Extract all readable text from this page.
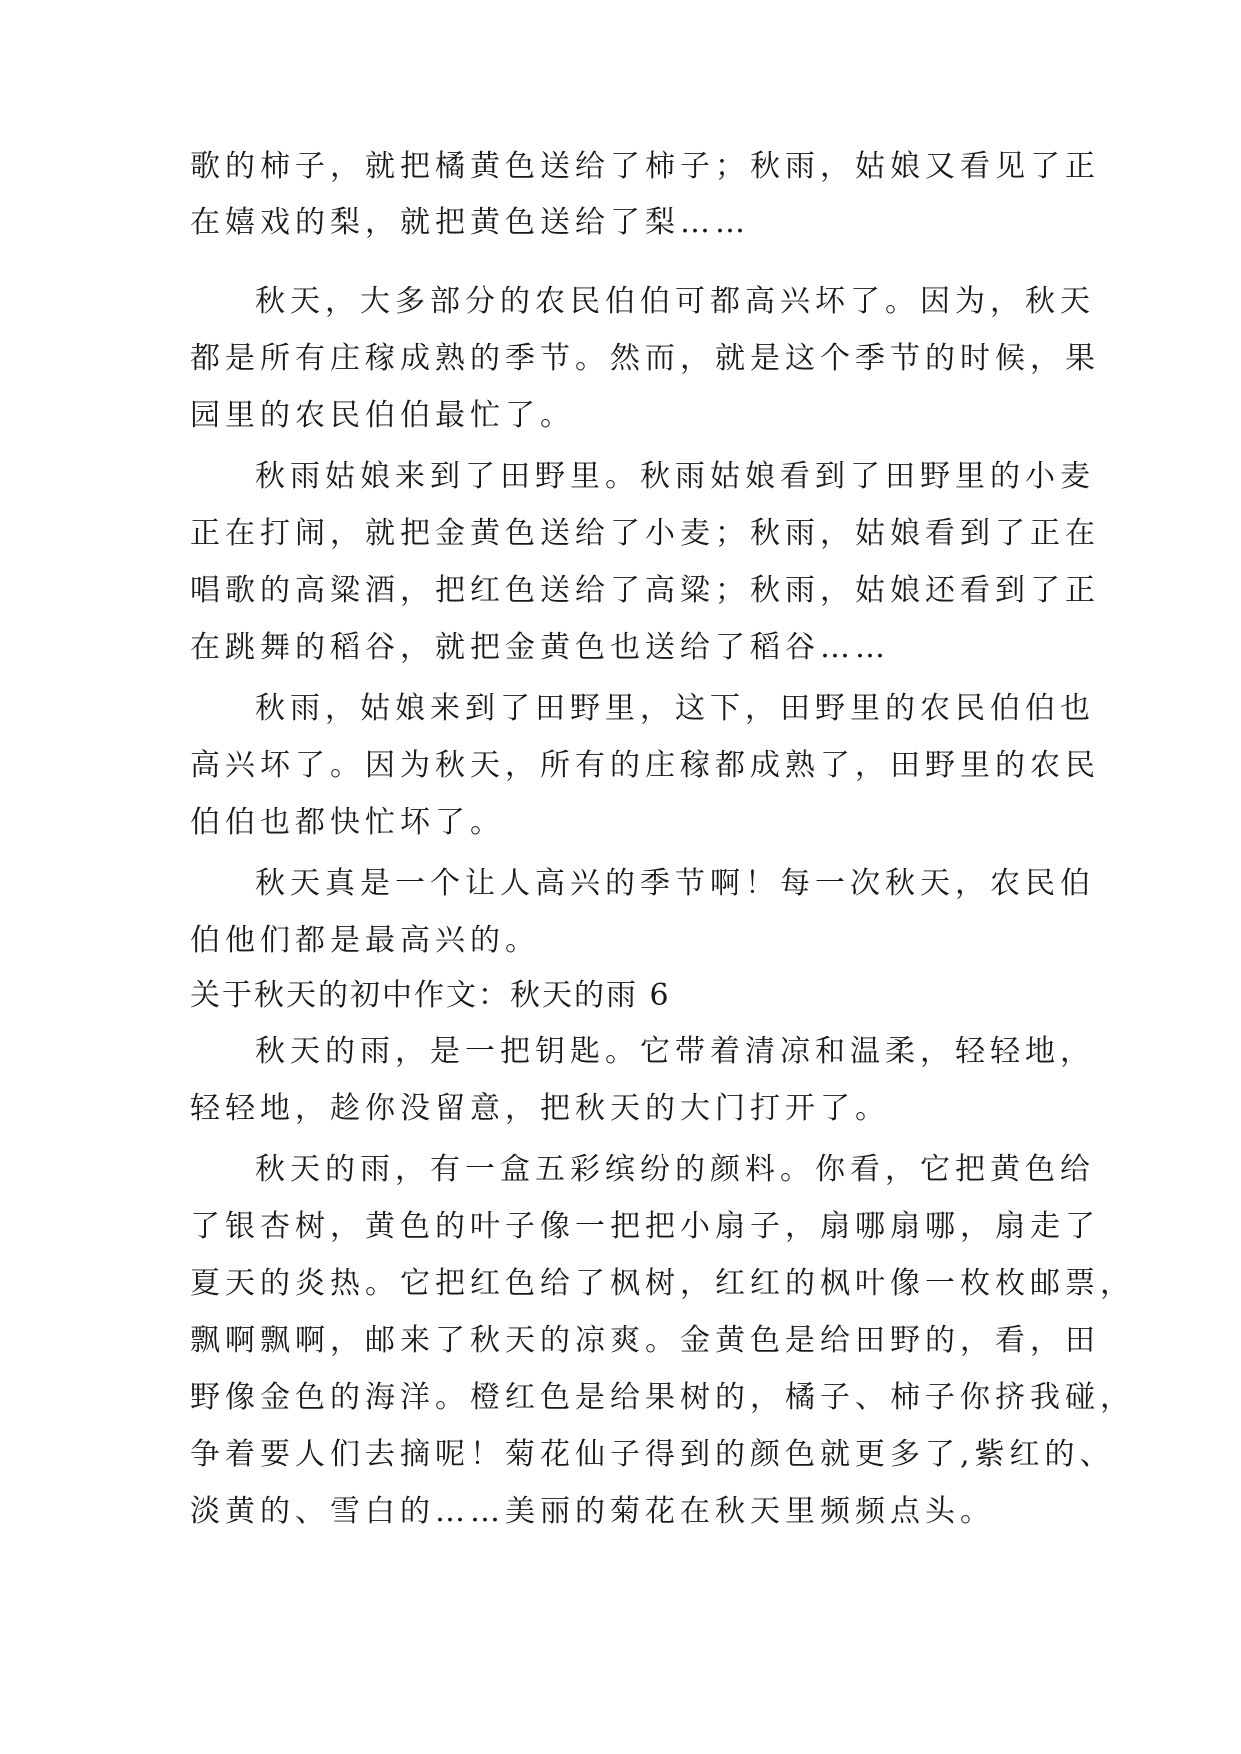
歌的柿子，就把橘黄色送给了柿子；秋雨，姑娘又看见了正
在嬉戏的梨，就把黄色送给了梨……
秋天，大多部分的农民伯伯可都高兴坏了。因为，秋天
都是所有庄稼成熟的季节。然而，就是这个季节的时候，果
园里的农民伯伯最忙了。
秋雨姑娘来到了田野里。秋雨姑娘看到了田野里的小麦
正在打闹，就把金黄色送给了小麦；秋雨，姑娘看到了正在
唱歌的高粱酒，把红色送给了高粱；秋雨，姑娘还看到了正
在跳舞的稻谷，就把金黄色也送给了稻谷……
秋雨，姑娘来到了田野里，这下，田野里的农民伯伯也
高兴坏了。因为秋天，所有的庄稼都成熟了，田野里的农民
伯伯也都快忙坏了。
秋天真是一个让人高兴的季节啊！每一次秋天，农民伯
伯他们都是最高兴的。
关于秋天的初中作文：秋天的雨 6
秋天的雨，是一把钥匙。它带着清凉和温柔，轻轻地，
轻轻地，趁你没留意，把秋天的大门打开了。
秋天的雨，有一盒五彩缤纷的颜料。你看，它把黄色给
了银杏树，黄色的叶子像一把把小扇子，扇哪扇哪，扇走了
夏天的炎热。它把红色给了枫树，红红的枫叶像一枚枚邮票，
飘啊飘啊，邮来了秋天的凉爽。金黄色是给田野的，看，田
野像金色的海洋。橙红色是给果树的，橘子、柿子你挤我碰，
争着要人们去摘呢！菊花仙子得到的颜色就更多了,紫红的、
淡黄的、雪白的……美丽的菊花在秋天里频频点头。
